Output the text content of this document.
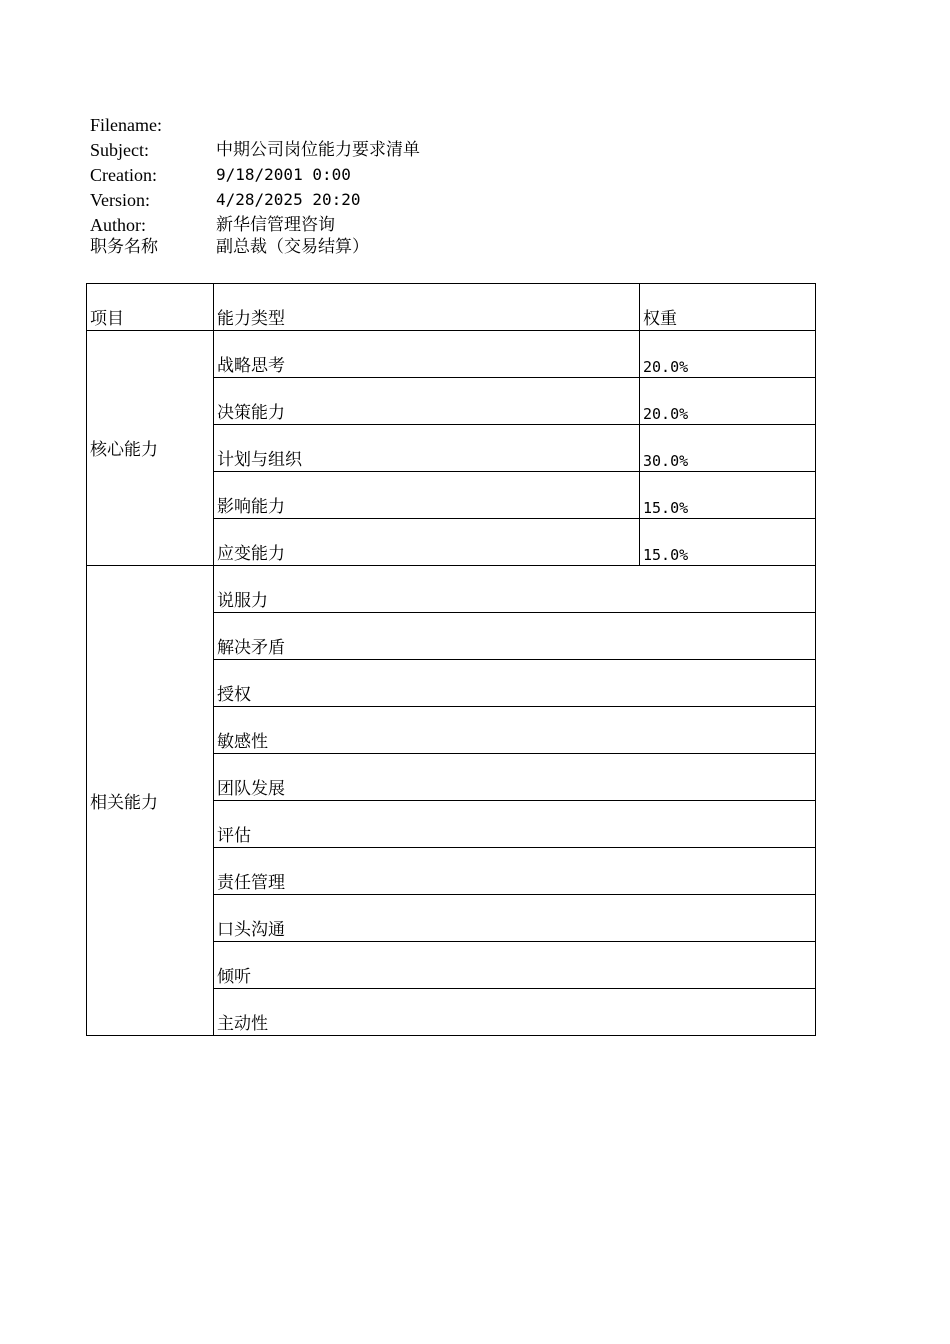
Filename:
Subject:	中期公司岗位能力要求清单
Creation:	9/18/2001 0:00
Version:	4/28/2025 20:20
Author:	新华信管理咨询
职务名称	副总裁（交易结算）
项目	能力类型	权重

核心能力	战略思考	20.0%

	决策能力	20.0%

	计划与组织	30.0%

	影响能力	15.0%

	应变能力	15.0%

相关能力	说服力	

	解决矛盾	

	授权	

	敏感性	

	团队发展	

	评估	

	责任管理	

	口头沟通	

	倾听	

	主动性	
